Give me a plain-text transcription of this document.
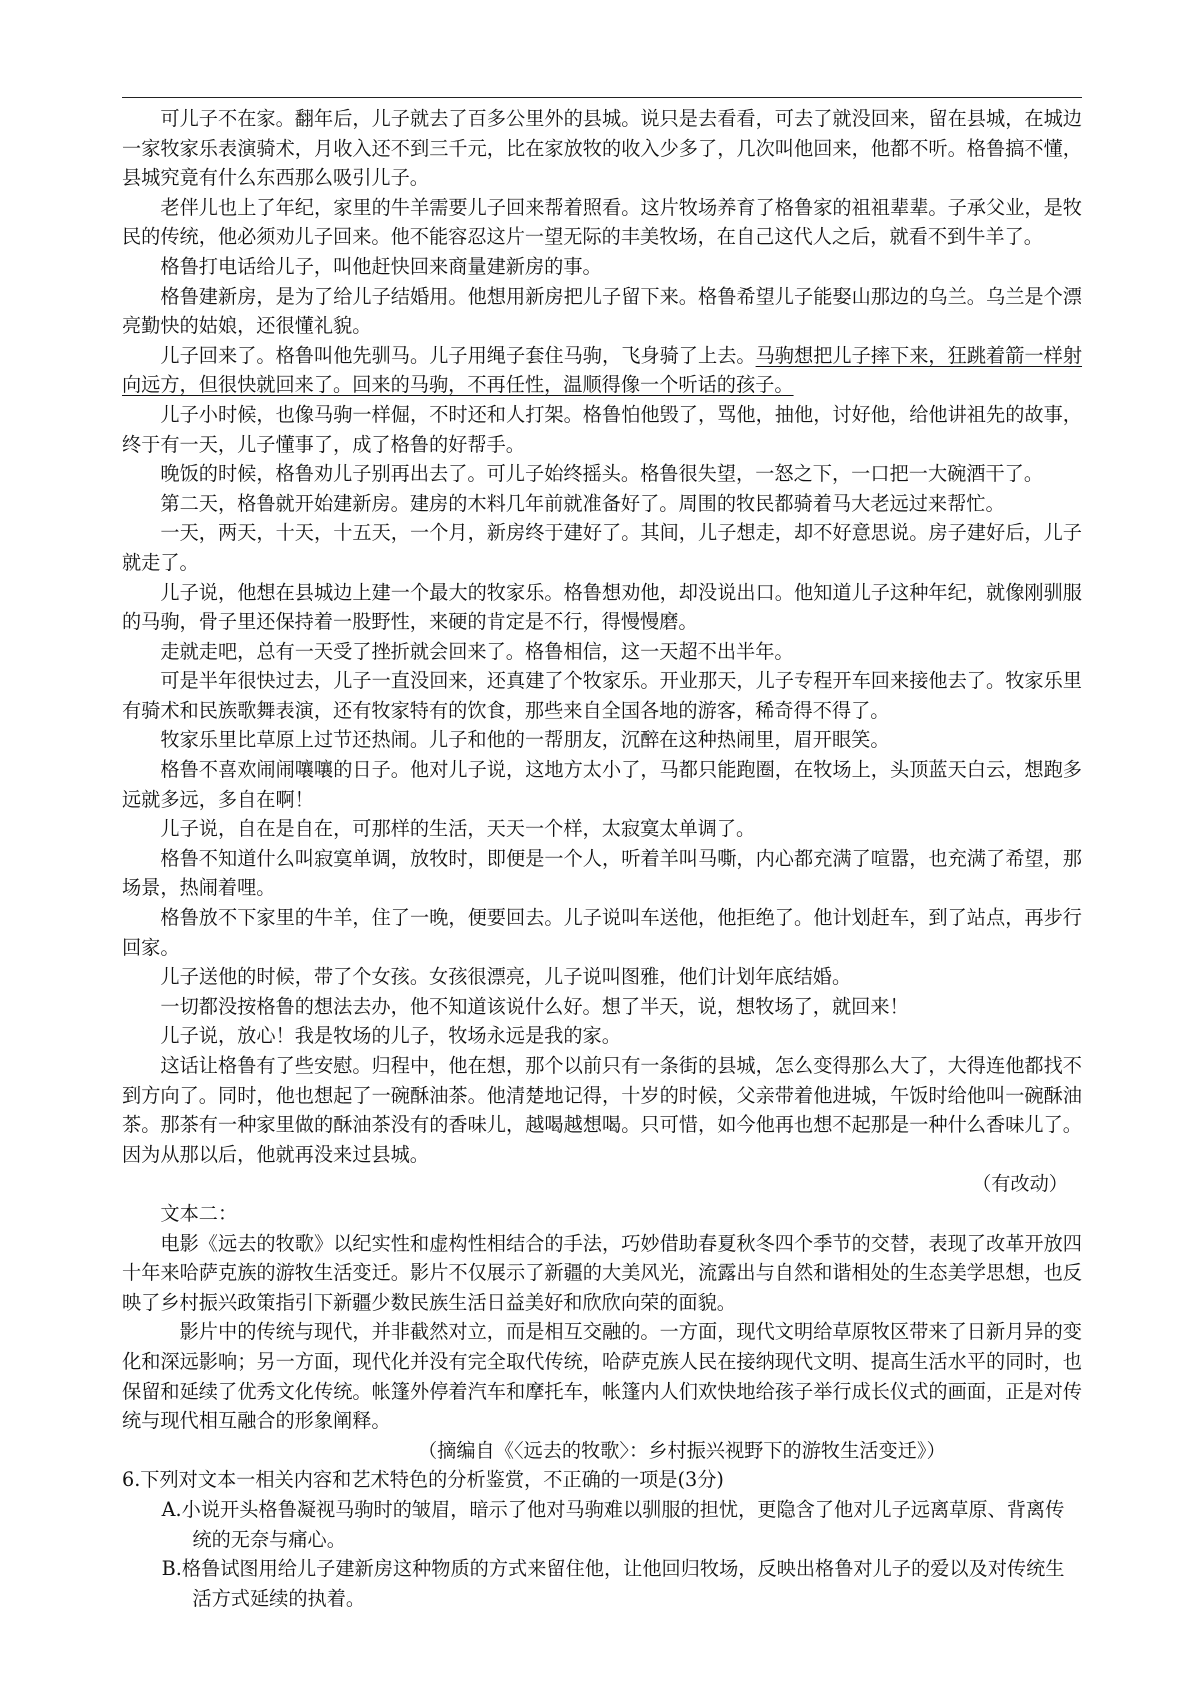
可儿子不在家。翻年后，儿子就去了百多公里外的县城。说只是去看看，可去了就没回来，留在县城，在城边一家牧家乐表演骑术，月收入还不到三千元，比在家放牧的收入少多了，几次叫他回来，他都不听。格鲁搞不懂，县城究竟有什么东西那么吸引儿子。

老伴儿也上了年纪，家里的牛羊需要儿子回来帮着照看。这片牧场养育了格鲁家的祖祖辈辈。子承父业，是牧民的传统，他必须劝儿子回来。他不能容忍这片一望无际的丰美牧场，在自己这代人之后，就看不到牛羊了。

格鲁打电话给儿子，叫他赶快回来商量建新房的事。

格鲁建新房，是为了给儿子结婚用。他想用新房把儿子留下来。格鲁希望儿子能娶山那边的乌兰。乌兰是个漂亮勤快的姑娘，还很懂礼貌。

儿子回来了。格鲁叫他先驯马。儿子用绳子套住马驹，飞身骑了上去。马驹想把儿子摔下来，狂跳着箭一样射向远方，但很快就回来了。回来的马驹，不再任性，温顺得像一个听话的孩子。

儿子小时候，也像马驹一样倔，不时还和人打架。格鲁怕他毁了，骂他，抽他，讨好他，给他讲祖先的故事，终于有一天，儿子懂事了，成了格鲁的好帮手。

晚饭的时候，格鲁劝儿子别再出去了。可儿子始终摇头。格鲁很失望，一怒之下，一口把一大碗酒干了。

第二天，格鲁就开始建新房。建房的木料几年前就准备好了。周围的牧民都骑着马大老远过来帮忙。

一天，两天，十天，十五天，一个月，新房终于建好了。其间，儿子想走，却不好意思说。房子建好后，儿子就走了。

儿子说，他想在县城边上建一个最大的牧家乐。格鲁想劝他，却没说出口。他知道儿子这种年纪，就像刚驯服的马驹，骨子里还保持着一股野性，来硬的肯定是不行，得慢慢磨。

走就走吧，总有一天受了挫折就会回来了。格鲁相信，这一天超不出半年。

可是半年很快过去，儿子一直没回来，还真建了个牧家乐。开业那天，儿子专程开车回来接他去了。牧家乐里有骑术和民族歌舞表演，还有牧家特有的饮食，那些来自全国各地的游客，稀奇得不得了。

牧家乐里比草原上过节还热闹。儿子和他的一帮朋友，沉醉在这种热闹里，眉开眼笑。

格鲁不喜欢闹闹嚷嚷的日子。他对儿子说，这地方太小了，马都只能跑圈，在牧场上，头顶蓝天白云，想跑多远就多远，多自在啊！

儿子说，自在是自在，可那样的生活，天天一个样，太寂寞太单调了。

格鲁不知道什么叫寂寞单调，放牧时，即便是一个人，听着羊叫马嘶，内心都充满了喧嚣，也充满了希望，那场景，热闹着哩。

格鲁放不下家里的牛羊，住了一晚，便要回去。儿子说叫车送他，他拒绝了。他计划赶车，到了站点，再步行回家。

儿子送他的时候，带了个女孩。女孩很漂亮，儿子说叫图雅，他们计划年底结婚。

一切都没按格鲁的想法去办，他不知道该说什么好。想了半天，说，想牧场了，就回来！

儿子说，放心！我是牧场的儿子，牧场永远是我的家。

这话让格鲁有了些安慰。归程中，他在想，那个以前只有一条街的县城，怎么变得那么大了，大得连他都找不到方向了。同时，他也想起了一碗酥油茶。他清楚地记得，十岁的时候，父亲带着他进城，午饭时给他叫一碗酥油茶。那茶有一种家里做的酥油茶没有的香味儿，越喝越想喝。只可惜，如今他再也想不起那是一种什么香味儿了。因为从那以后，他就再没来过县城。

（有改动）

文本二：

电影《远去的牧歌》以纪实性和虚构性相结合的手法，巧妙借助春夏秋冬四个季节的交替，表现了改革开放四十年来哈萨克族的游牧生活变迁。影片不仅展示了新疆的大美风光，流露出与自然和谐相处的生态美学思想，也反映了乡村振兴政策指引下新疆少数民族生活日益美好和欣欣向荣的面貌。

影片中的传统与现代，并非截然对立，而是相互交融的。一方面，现代文明给草原牧区带来了日新月异的变化和深远影响；另一方面，现代化并没有完全取代传统，哈萨克族人民在接纳现代文明、提高生活水平的同时，也保留和延续了优秀文化传统。帐篷外停着汽车和摩托车，帐篷内人们欢快地给孩子举行成长仪式的画面，正是对传统与现代相互融合的形象阐释。

（摘编自《〈远去的牧歌〉：乡村振兴视野下的游牧生活变迁》）

6.下列对文本一相关内容和艺术特色的分析鉴赏，不正确的一项是(3分)

A.小说开头格鲁凝视马驹时的皱眉，暗示了他对马驹难以驯服的担忧，更隐含了他对儿子远离草原、背离传统的无奈与痛心。

B.格鲁试图用给儿子建新房这种物质的方式来留住他，让他回归牧场，反映出格鲁对儿子的爱以及对传统生活方式延续的执着。
